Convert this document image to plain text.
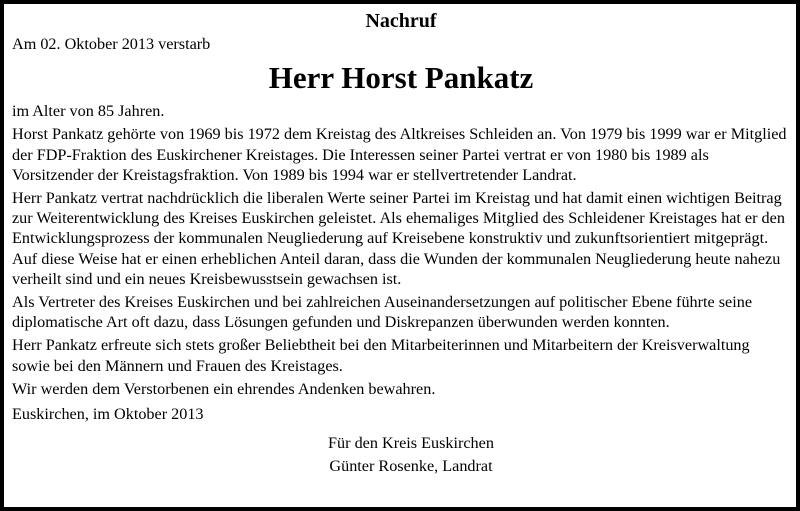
Nachruf

Am 02. Oktober 2013 verstarb

Herr Horst Pankatz

im Alter von 85 Jahren.

Horst Pankatz gehörte von 1969 bis 1972 dem Kreistag des Altkreises Schleiden an. Von 1979 bis 1999 war er Mitglied der FDP-Fraktion des Euskirchener Kreistages. Die Interessen seiner Partei vertrat er von 1980 bis 1989 als Vorsitzender der Kreistagsfraktion. Von 1989 bis 1994 war er stellvertretender Landrat.

Herr Pankatz vertrat nachdrücklich die liberalen Werte seiner Partei im Kreistag und hat damit einen wichtigen Beitrag zur Weiterentwicklung des Kreises Euskirchen geleistet. Als ehemaliges Mitglied des Schleidener Kreistages hat er den Entwicklungsprozess der kommunalen Neugliederung auf Kreisebene konstruktiv und zukunftsorientiert mitgeprägt. Auf diese Weise hat er einen erheblichen Anteil daran, dass die Wunden der kommunalen Neugliederung heute nahezu verheilt sind und ein neues Kreisbewusstsein gewachsen ist.

Als Vertreter des Kreises Euskirchen und bei zahlreichen Auseinandersetzungen auf politischer Ebene führte seine diplomatische Art oft dazu, dass Lösungen gefunden und Diskrepanzen überwunden werden konnten.

Herr Pankatz erfreute sich stets großer Beliebtheit bei den Mitarbeiterinnen und Mitarbeitern der Kreisverwaltung sowie bei den Männern und Frauen des Kreistages.

Wir werden dem Verstorbenen ein ehrendes Andenken bewahren.

Euskirchen, im Oktober 2013

Für den Kreis Euskirchen

Günter Rosenke, Landrat
